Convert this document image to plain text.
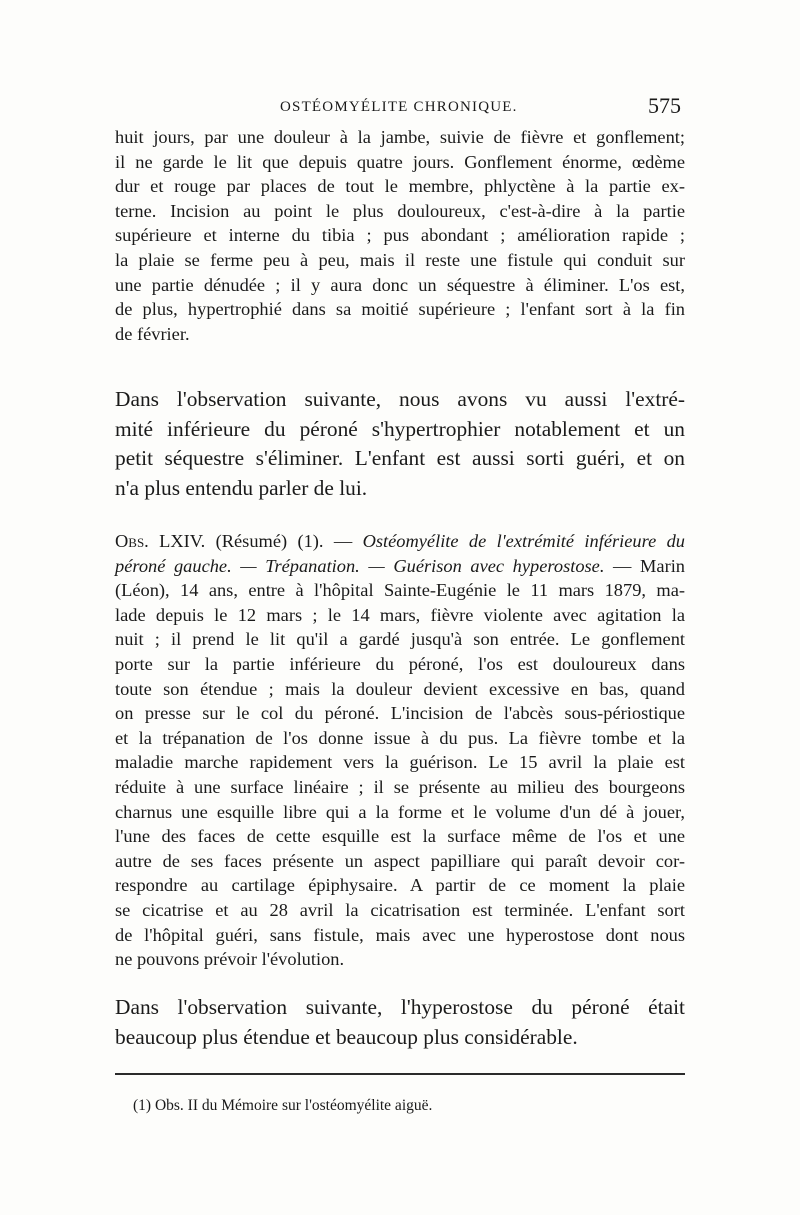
OSTÉOMYÉLITE CHRONIQUE.	575
huit jours, par une douleur à la jambe, suivie de fièvre et gonflement;
il ne garde le lit que depuis quatre jours. Gonflement énorme, œdème
dur et rouge par places de tout le membre, phlyctène à la partie ex-
terne. Incision au point le plus douloureux, c'est-à-dire à la partie
supérieure et interne du tibia ; pus abondant ; amélioration rapide ;
la plaie se ferme peu à peu, mais il reste une fistule qui conduit sur
une partie dénudée ; il y aura donc un séquestre à éliminer. L'os est,
de plus, hypertrophié dans sa moitié supérieure ; l'enfant sort à la fin
de février.
Dans l'observation suivante, nous avons vu aussi l'extré-
mité inférieure du péroné s'hypertrophier notablement et un
petit séquestre s'éliminer. L'enfant est aussi sorti guéri, et on
n'a plus entendu parler de lui.
Obs. LXIV. (Résumé) (1). — Ostéomyélite de l'extrémité inférieure du
péroné gauche. — Trépanation. — Guérison avec hyperostose. — Marin
(Léon), 14 ans, entre à l'hôpital Sainte-Eugénie le 11 mars 1879, ma-
lade depuis le 12 mars ; le 14 mars, fièvre violente avec agitation la
nuit ; il prend le lit qu'il a gardé jusqu'à son entrée. Le gonflement
porte sur la partie inférieure du péroné, l'os est douloureux dans
toute son étendue ; mais la douleur devient excessive en bas, quand
on presse sur le col du péroné. L'incision de l'abcès sous-périostique
et la trépanation de l'os donne issue à du pus. La fièvre tombe et la
maladie marche rapidement vers la guérison. Le 15 avril la plaie est
réduite à une surface linéaire ; il se présente au milieu des bourgeons
charnus une esquille libre qui a la forme et le volume d'un dé à jouer,
l'une des faces de cette esquille est la surface même de l'os et une
autre de ses faces présente un aspect papilliare qui paraît devoir cor-
respondre au cartilage épiphysaire. A partir de ce moment la plaie
se cicatrise et au 28 avril la cicatrisation est terminée. L'enfant sort
de l'hôpital guéri, sans fistule, mais avec une hyperostose dont nous
ne pouvons prévoir l'évolution.
Dans l'observation suivante, l'hyperostose du péroné était
beaucoup plus étendue et beaucoup plus considérable.
(1) Obs. II du Mémoire sur l'ostéomyélite aiguë.
